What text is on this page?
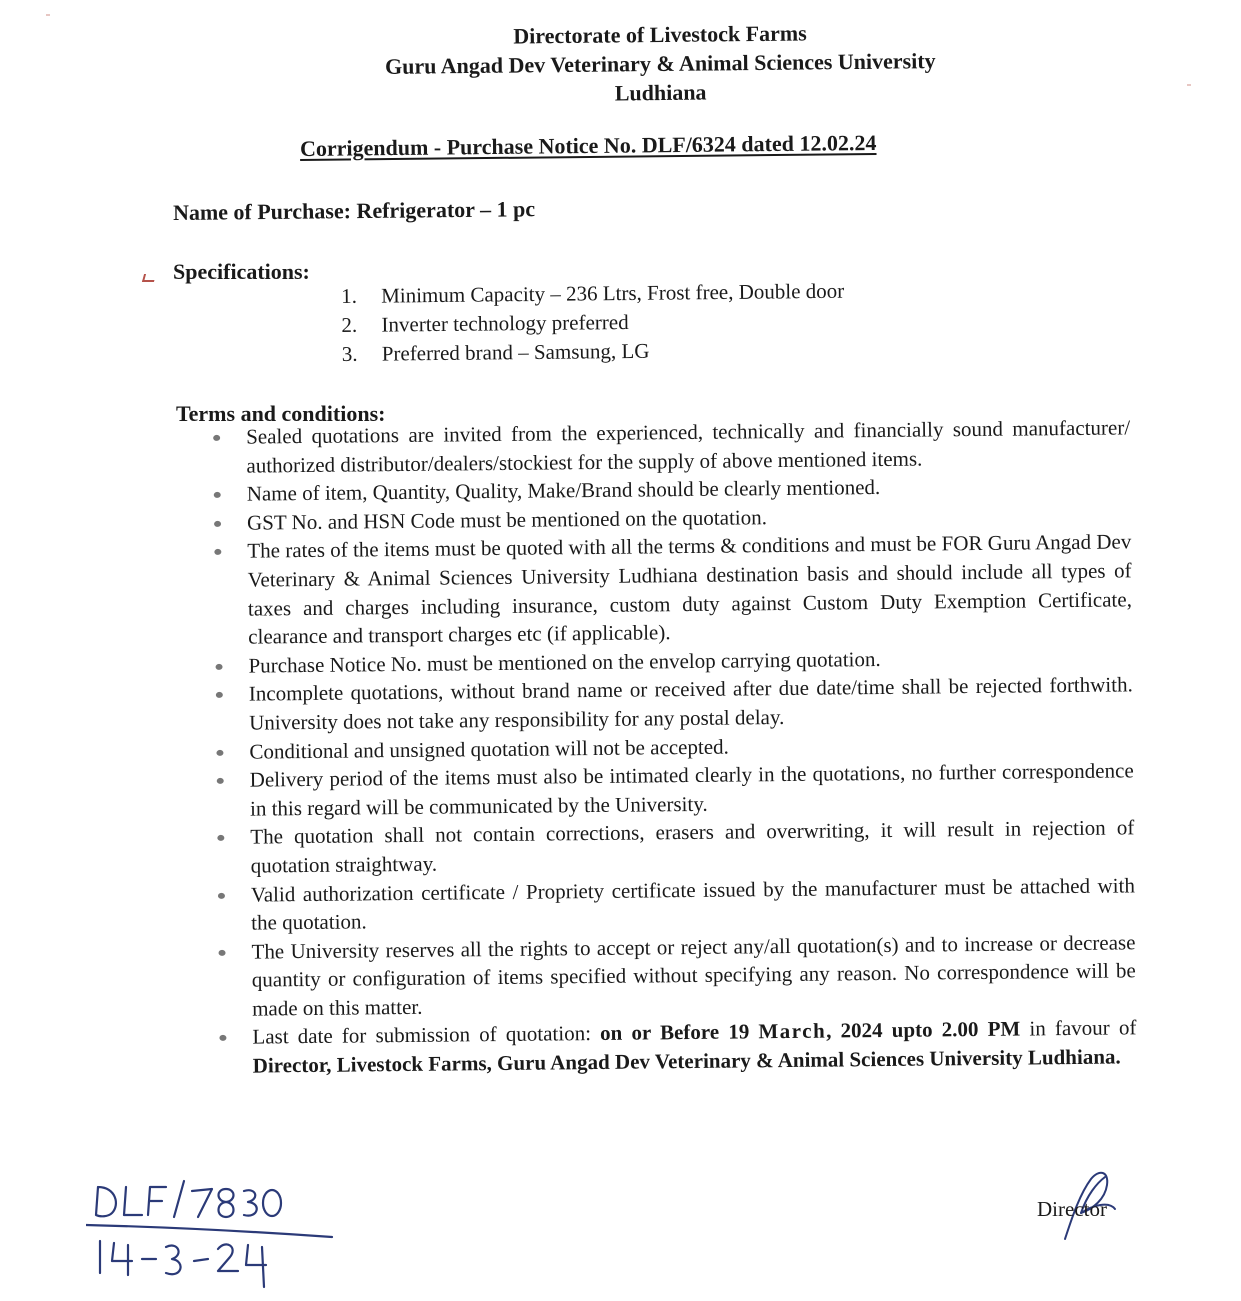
Directorate of Livestock Farms
Guru Angad Dev Veterinary & Animal Sciences University
Ludhiana
Corrigendum - Purchase Notice No. DLF/6324 dated 12.02.24
Name of Purchase: Refrigerator – 1 pc
Specifications:
1.	Minimum Capacity – 236 Ltrs, Frost free, Double door
2.	Inverter technology preferred
3.	Preferred brand – Samsung, LG
Terms and conditions:
Sealed quotations are invited from the experienced, technically and financially sound manufacturer/ authorized distributor/dealers/stockiest for the supply of above mentioned items.
Name of item, Quantity, Quality, Make/Brand should be clearly mentioned.
GST No. and HSN Code must be mentioned on the quotation.
The rates of the items must be quoted with all the terms & conditions and must be FOR Guru Angad Dev Veterinary & Animal Sciences University Ludhiana destination basis and should include all types of taxes and charges including insurance, custom duty against Custom Duty Exemption Certificate, clearance and transport charges etc (if applicable).
Purchase Notice No. must be mentioned on the envelop carrying quotation.
Incomplete quotations, without brand name or received after due date/time shall be rejected forthwith. University does not take any responsibility for any postal delay.
Conditional and unsigned quotation will not be accepted.
Delivery period of the items must also be intimated clearly in the quotations, no further correspondence in this regard will be communicated by the University.
The quotation shall not contain corrections, erasers and overwriting, it will result in rejection of quotation straightway.
Valid authorization certificate / Propriety certificate issued by the manufacturer must be attached with the quotation.
The University reserves all the rights to accept or reject any/all quotation(s) and to increase or decrease quantity or configuration of items specified without specifying any reason. No correspondence will be made on this matter.
Last date for submission of quotation: on or Before 19 March, 2024 upto 2.00 PM in favour of Director, Livestock Farms, Guru Angad Dev Veterinary & Animal Sciences University Ludhiana.
Director
